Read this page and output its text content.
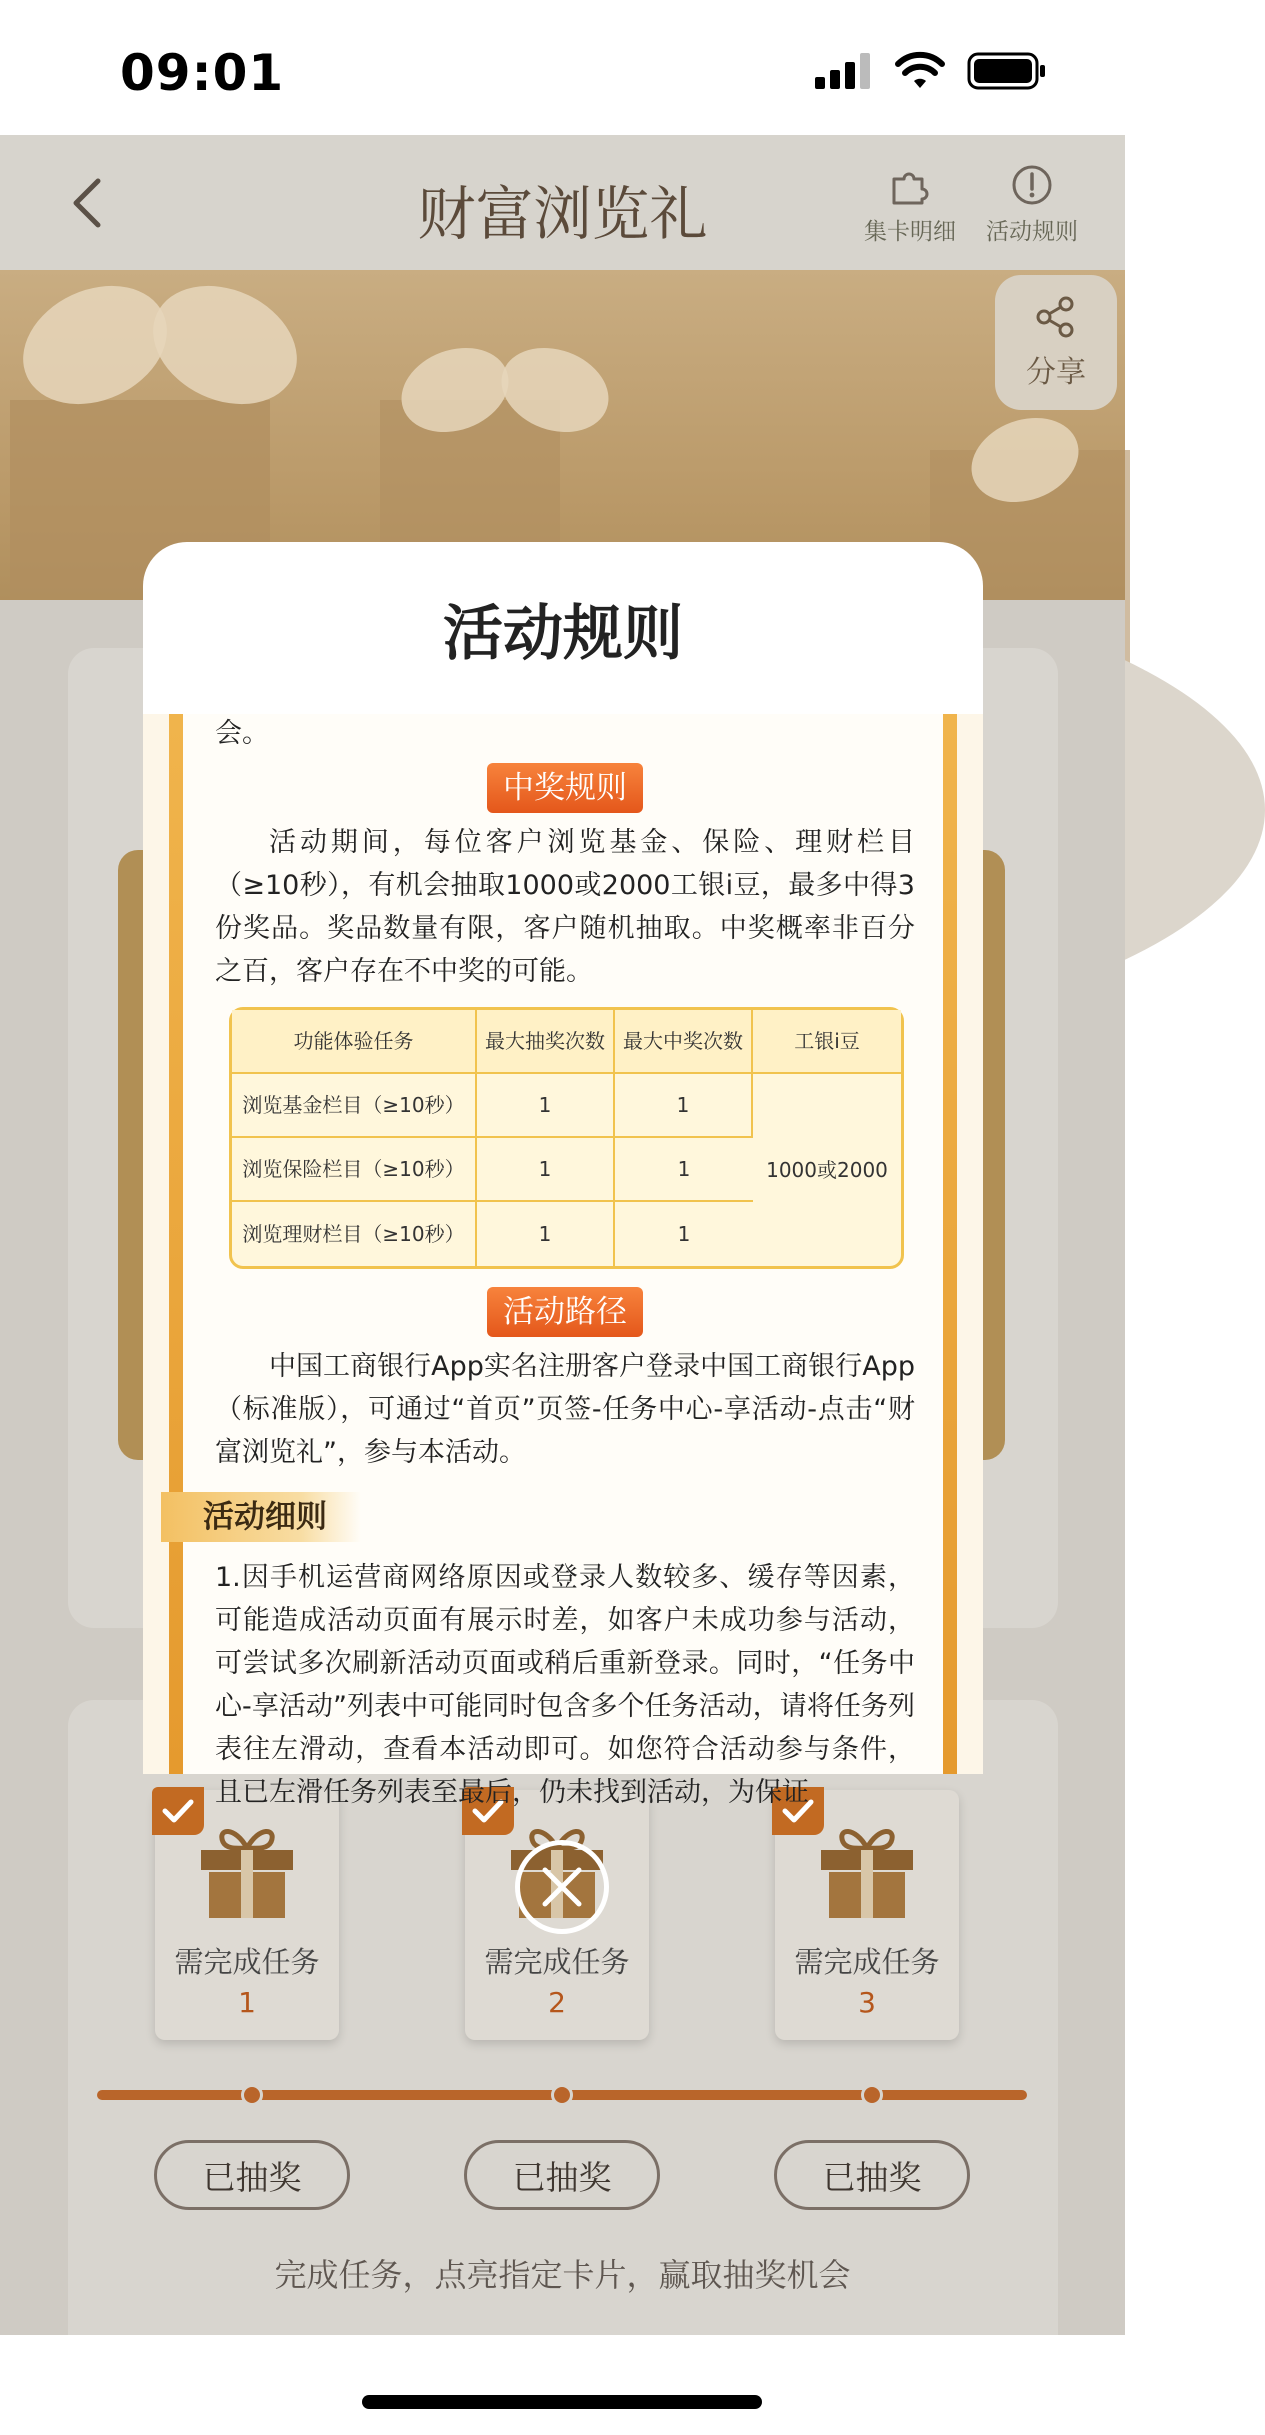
09:01
财富浏览礼	集卡明细 活动规则
分享
需完成任务
1
需完成任务
2
需完成任务
3
已抽奖	已抽奖	已抽奖
完成任务，点亮指定卡片，赢取抽奖机会
活动规则
会。
中奖规则
活动期间，每位客户浏览基金、保险、理财栏目（≥10秒），有机会抽取1000或2000工银i豆，最多中得3份奖品。奖品数量有限，客户随机抽取。中奖概率非百分之百，客户存在不中奖的可能。
功能体验任务	最大抽奖次数	最大中奖次数	工银i豆
浏览基金栏目（≥10秒）	1	1	1000或2000
浏览保险栏目（≥10秒）	1	1	
浏览理财栏目（≥10秒）	1	1	
活动路径
中国工商银行App实名注册客户登录中国工商银行App（标准版），可通过“首页”页签-任务中心-享活动-点击“财富浏览礼”，参与本活动。
活动细则
1.因手机运营商网络原因或登录人数较多、缓存等因素，可能造成活动页面有展示时差，如客户未成功参与活动，可尝试多次刷新活动页面或稍后重新登录。同时，“任务中心-享活动”列表中可能同时包含多个任务活动，请将任务列表往左滑动，查看本活动即可。如您符合活动参与条件，且已左滑任务列表至最后，仍未找到活动，为保证
